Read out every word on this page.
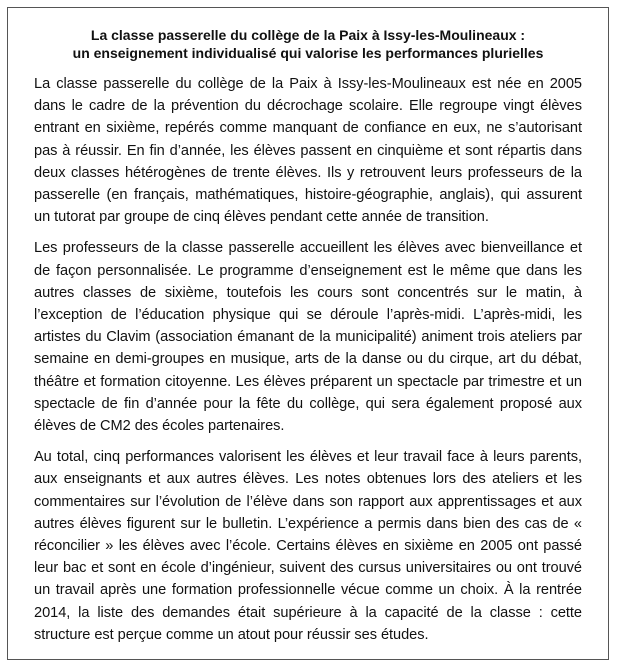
La classe passerelle du collège de la Paix à Issy-les-Moulineaux :
un enseignement individualisé qui valorise les performances plurielles

La classe passerelle du collège de la Paix à Issy-les-Moulineaux est née en 2005 dans le cadre de la prévention du décrochage scolaire. Elle regroupe vingt élèves entrant en sixième, repérés comme manquant de confiance en eux, ne s’autorisant pas à réussir. En fin d’année, les élèves passent en cinquième et sont répartis dans deux classes hétérogènes de trente élèves. Ils y retrouvent leurs professeurs de la passerelle (en français, mathématiques, histoire-géographie, anglais), qui assurent un tutorat par groupe de cinq élèves pendant cette année de transition.

Les professeurs de la classe passerelle accueillent les élèves avec bienveillance et de façon personnalisée. Le programme d’enseignement est le même que dans les autres classes de sixième, toutefois les cours sont concentrés sur le matin, à l’exception de l’éducation physique qui se déroule l’après-midi. L’après-midi, les artistes du Clavim (association émanant de la municipalité) animent trois ateliers par semaine en demi-groupes en musique, arts de la danse ou du cirque, art du débat, théâtre et formation citoyenne. Les élèves préparent un spectacle par trimestre et un spectacle de fin d’année pour la fête du collège, qui sera également proposé aux élèves de CM2 des écoles partenaires.

Au total, cinq performances valorisent les élèves et leur travail face à leurs parents, aux enseignants et aux autres élèves. Les notes obtenues lors des ateliers et les commentaires sur l’évolution de l’élève dans son rapport aux apprentissages et aux autres élèves figurent sur le bulletin. L’expérience a permis dans bien des cas de « réconcilier » les élèves avec l’école. Certains élèves en sixième en 2005 ont passé leur bac et sont en école d’ingénieur, suivent des cursus universitaires ou ont trouvé un travail après une formation professionnelle vécue comme un choix. À la rentrée 2014, la liste des demandes était supérieure à la capacité de la classe : cette structure est perçue comme un atout pour réussir ses études.
